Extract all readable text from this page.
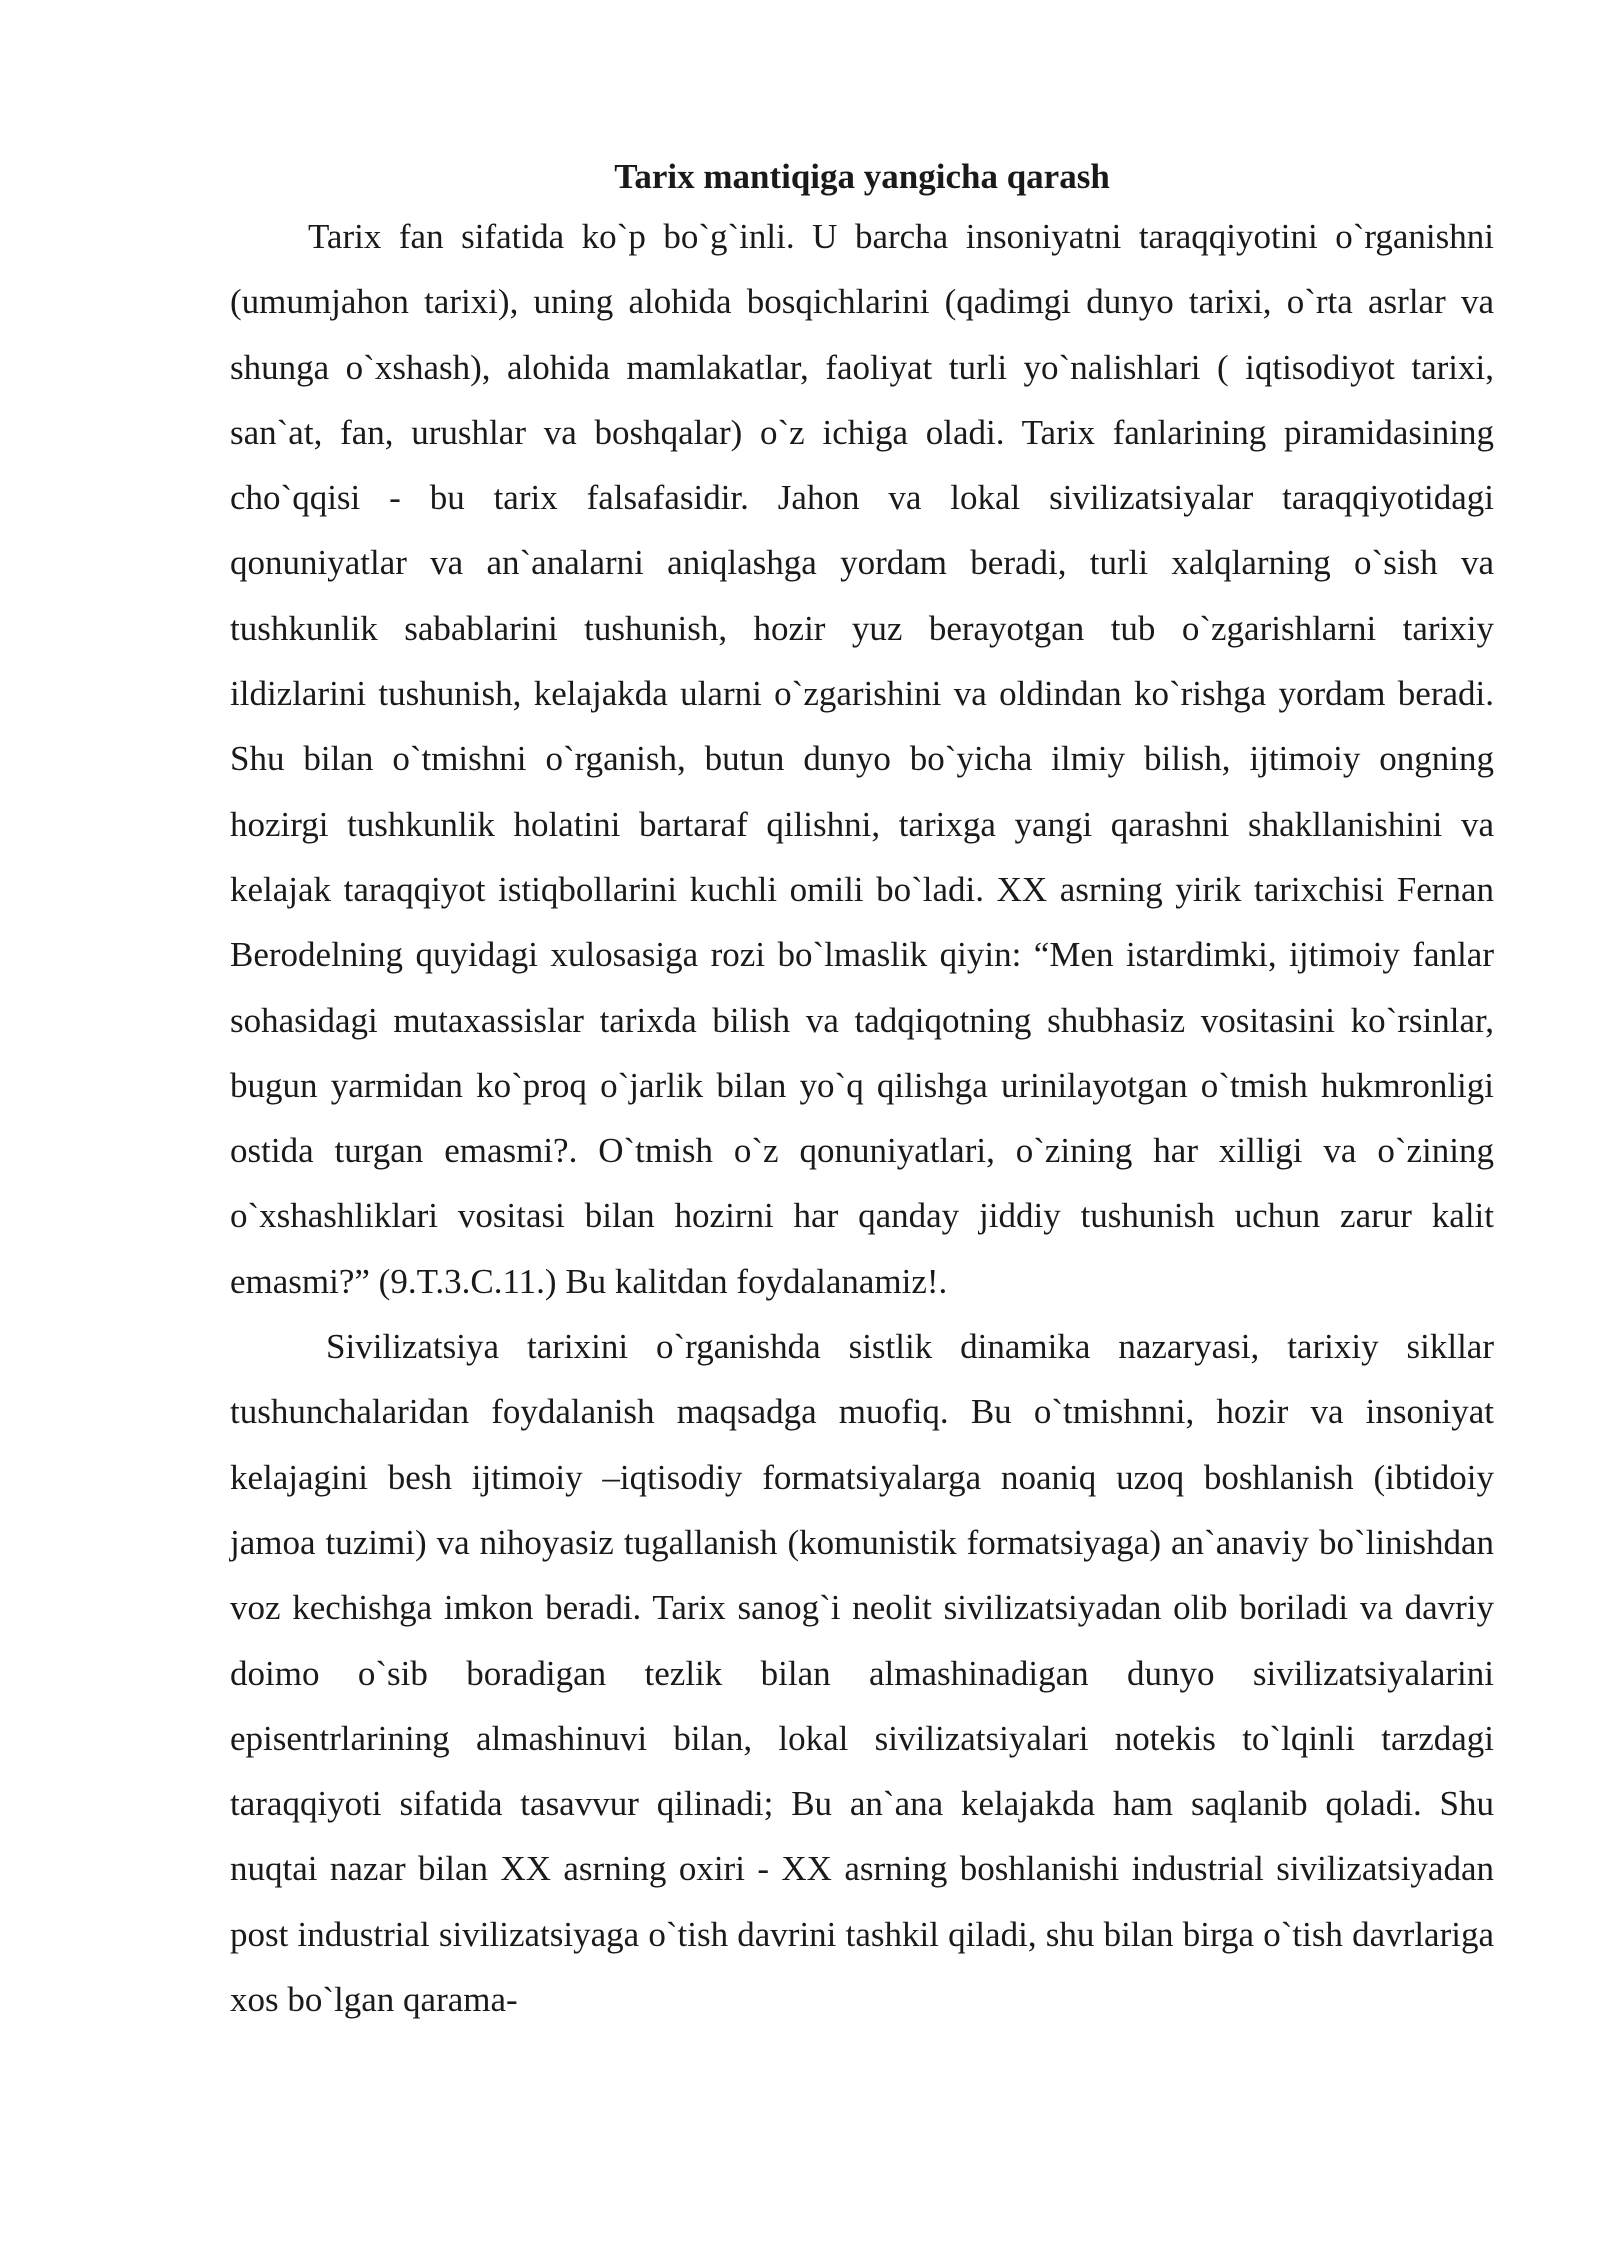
Tarix mantiqiga yangicha qarash

Tarix fan sifatida ko`p bo`g`inli. U barcha insoniyatni taraqqiyotini o`rganishni (umumjahon tarixi), uning alohida bosqichlarini (qadimgi dunyo tarixi, o`rta asrlar va shunga o`xshash), alohida mamlakatlar, faoliyat turli yo`nalishlari ( iqtisodiyot tarixi, san`at, fan, urushlar va boshqalar) o`z ichiga oladi. Tarix fanlarining piramidasining cho`qqisi - bu tarix falsafasidir. Jahon va lokal sivilizatsiyalar taraqqiyotidagi qonuniyatlar va an`analarni aniqlashga yordam beradi, turli xalqlarning o`sish va tushkunlik sabablarini tushunish, hozir yuz berayotgan tub o`zgarishlarni tarixiy ildizlarini tushunish, kelajakda ularni o`zgarishini va oldindan ko`rishga yordam beradi. Shu bilan o`tmishni o`rganish, butun dunyo bo`yicha ilmiy bilish, ijtimoiy ongning hozirgi tushkunlik holatini bartaraf qilishni, tarixga yangi qarashni shakllanishini va kelajak taraqqiyot istiqbollarini kuchli omili bo`ladi. XX asrning yirik tarixchisi Fernan Berodelning quyidagi xulosasiga rozi bo`lmaslik qiyin: “Men istardimki, ijtimoiy fanlar sohasidagi mutaxassislar tarixda bilish va tadqiqotning shubhasiz vositasini ko`rsinlar, bugun yarmidan ko`proq o`jarlik bilan yo`q qilishga urinilayotgan o`tmish hukmronligi ostida turgan emasmi?. O`tmish o`z qonuniyatlari, o`zining har xilligi va o`zining o`xshashliklari vositasi bilan hozirni har qanday jiddiy tushunish uchun zarur kalit emasmi?” (9.T.3.C.11.) Bu kalitdan foydalanamiz!.

Sivilizatsiya tarixini o`rganishda sistlik dinamika nazaryasi, tarixiy sikllar tushunchalaridan foydalanish maqsadga muofiq. Bu o`tmishnni, hozir va insoniyat kelajagini besh ijtimoiy –iqtisodiy formatsiyalarga noaniq uzoq boshlanish (ibtidoiy jamoa tuzimi) va nihoyasiz tugallanish (komunistik formatsiyaga) an`anaviy bo`linishdan voz kechishga imkon beradi. Tarix sanog`i neolit sivilizatsiyadan olib boriladi va davriy doimo o`sib boradigan tezlik bilan almashinadigan dunyo sivilizatsiyalarini episentrlarining almashinuvi bilan, lokal sivilizatsiyalari notekis to`lqinli tarzdagi taraqqiyoti sifatida tasavvur qilinadi; Bu an`ana kelajakda ham saqlanib qoladi. Shu nuqtai nazar bilan XX asrning oxiri - XX asrning boshlanishi industrial sivilizatsiyadan post industrial sivilizatsiyaga o`tish davrini tashkil qiladi, shu bilan birga o`tish davrlariga xos bo`lgan qarama-
